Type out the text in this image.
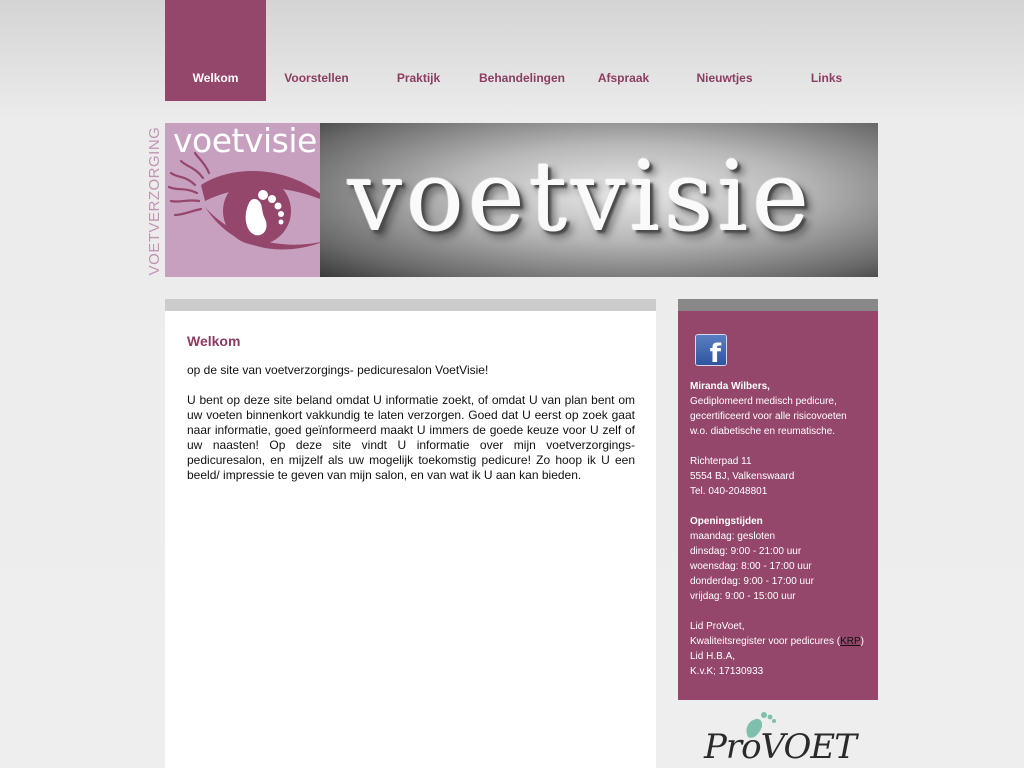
Welkom	Voorstellen	Praktijk	Behandelingen	Afspraak	Nieuwtjes	Links
VOETVERZORGING voetvisie
voetvisie
Welkom

op de site van voetverzorgings- pedicuresalon VoetVisie!

U bent op deze site beland omdat U informatie zoekt, of omdat U van plan bent om uw voeten binnenkort vakkundig te laten verzorgen. Goed dat U eerst op zoek gaat naar informatie, goed geïnformeerd maakt U immers de goede keuze voor U zelf of uw naasten! Op deze site vindt U informatie over mijn voetverzorgings-pedicuresalon, en mijzelf als uw mogelijk toekomstig pedicure! Zo hoop ik U een beeld/ impressie te geven van mijn salon, en van wat ik U aan kan bieden.

f
Miranda Wilbers,
Gediplomeerd medisch pedicure,
gecertificeerd voor alle risicovoeten
w.o. diabetische en reumatische.
Richterpad 11
5554 BJ, Valkenswaard
Tel. 040-2048801
Openingstijden
maandag: gesloten
dinsdag: 9:00 - 21:00 uur
woensdag: 8:00 - 17:00 uur
donderdag: 9:00 - 17:00 uur
vrijdag: 9:00 - 15:00 uur
Lid ProVoet,
Kwaliteitsregister voor pedicures (KRP)
Lid H.B.A,
K.v.K; 17130933
ProVOET
